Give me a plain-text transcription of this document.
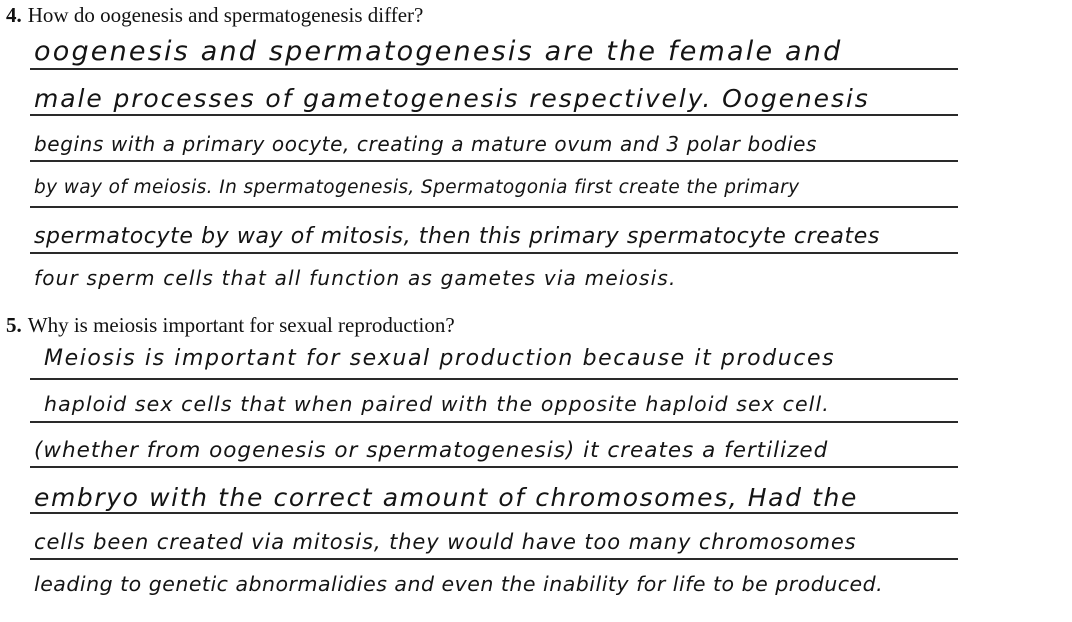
4. How do oogenesis and spermatogenesis differ?
oogenesis and spermatogenesis are the female and
male processes of gametogenesis respectively. Oogenesis
begins with a primary oocyte, creating a mature ovum and 3 polar bodies
by way of meiosis. In spermatogenesis, Spermatogonia first create the primary
spermatocyte by way of mitosis, then this primary spermatocyte creates
four sperm cells that all function as gametes via meiosis.
5. Why is meiosis important for sexual reproduction?
Meiosis is important for sexual production because it produces
haploid sex cells that when paired with the opposite haploid sex cell.
(whether from oogenesis or spermatogenesis) it creates a fertilized
embryo with the correct amount of chromosomes, Had the
cells been created via mitosis, they would have too many chromosomes
leading to genetic abnormalidies and even the inability for life to be produced.
